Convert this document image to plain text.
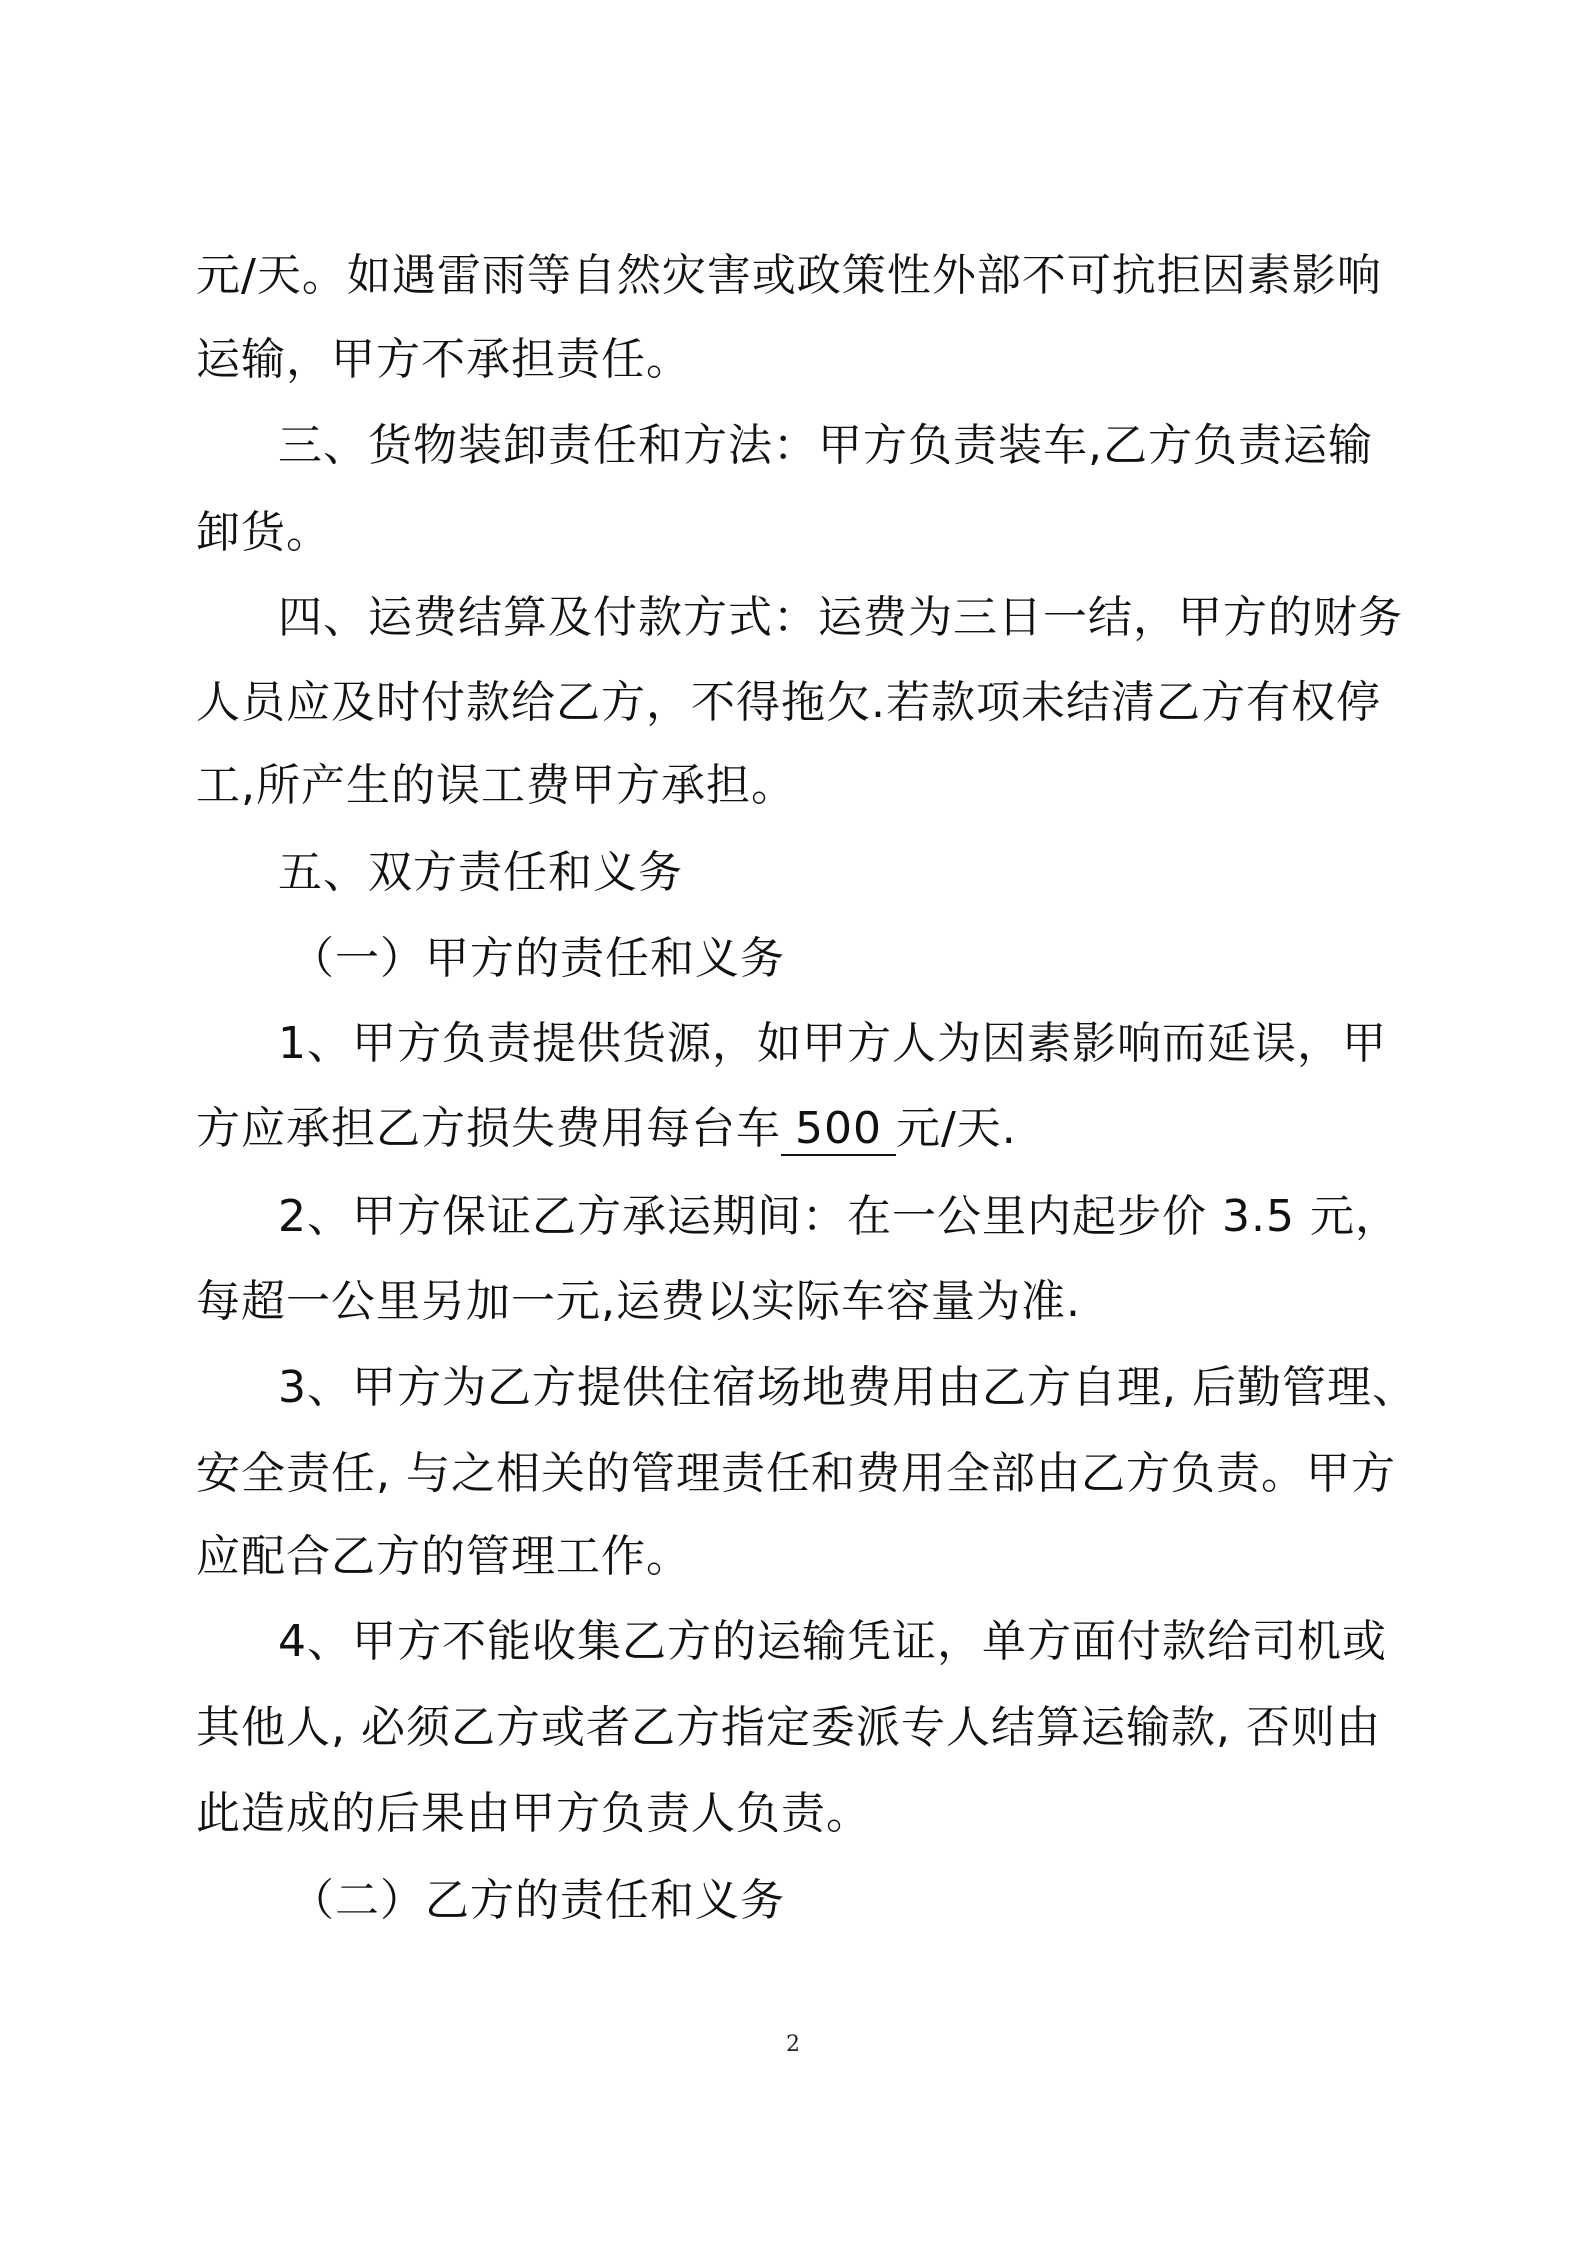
元/天。如遇雷雨等自然灾害或政策性外部不可抗拒因素影响
运输，甲方不承担责任。
三、货物装卸责任和方法：甲方负责装车,乙方负责运输
卸货。
四、运费结算及付款方式：运费为三日一结，甲方的财务
人员应及时付款给乙方，不得拖欠.若款项未结清乙方有权停
工,所产生的误工费甲方承担。
五、双方责任和义务
（一）甲方的责任和义务
1、甲方负责提供货源，如甲方人为因素影响而延误，甲
方应承担乙方损失费用每台车 500 元/天.
2、甲方保证乙方承运期间：在一公里内起步价 3.5 元，
每超一公里另加一元,运费以实际车容量为准.
3、甲方为乙方提供住宿场地费用由乙方自理, 后勤管理、
安全责任, 与之相关的管理责任和费用全部由乙方负责。甲方
应配合乙方的管理工作。
4、甲方不能收集乙方的运输凭证，单方面付款给司机或
其他人, 必须乙方或者乙方指定委派专人结算运输款, 否则由
此造成的后果由甲方负责人负责。
（二）乙方的责任和义务
2
